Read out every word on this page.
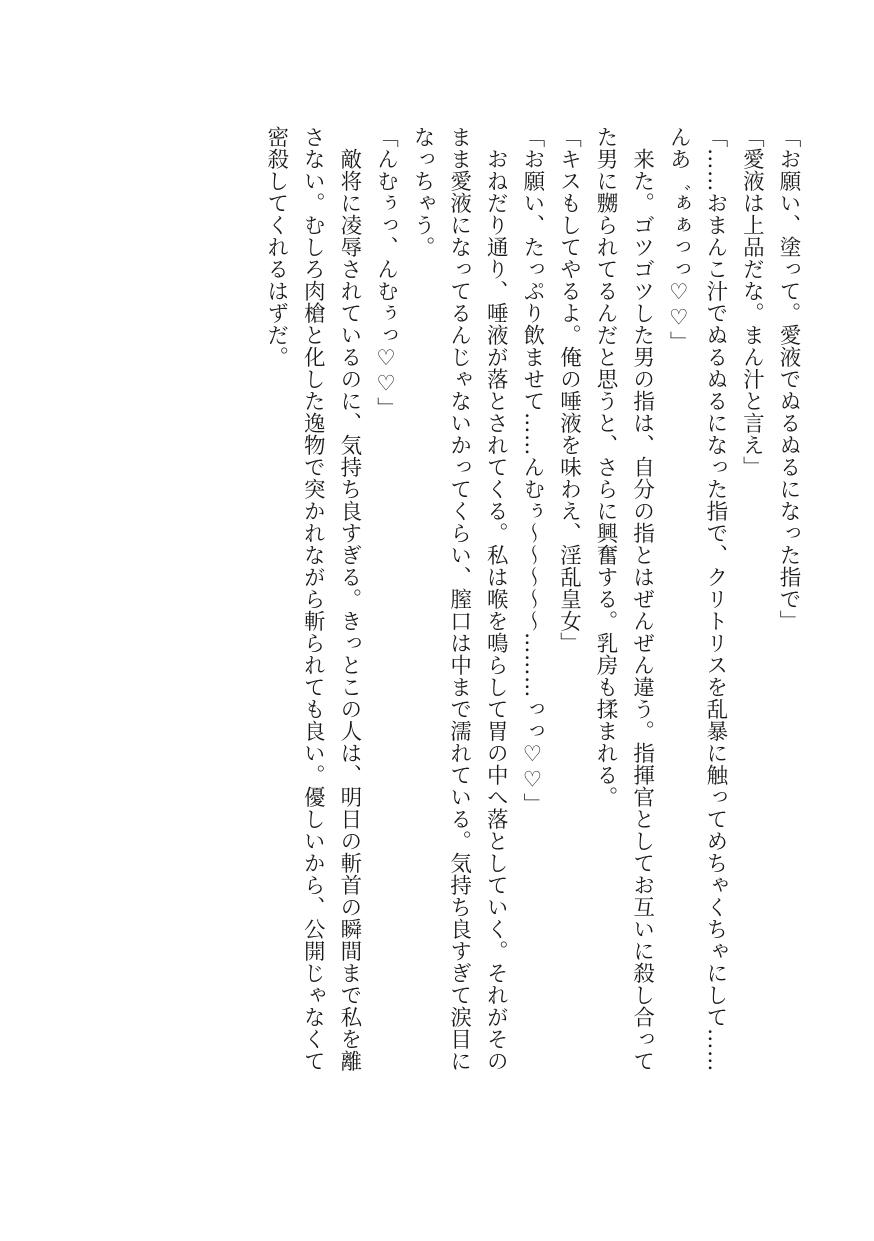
「お願い、塗って。愛液でぬるぬるになった指で」
「愛液は上品だな。まん汁と言え」
「……おまんこ汁でぬるぬるになった指で、クリトリスを乱暴に触ってめちゃくちゃにして……
んあ゛ぁぁっっ♡♡」
　来た。ゴツゴツした男の指は、自分の指とはぜんぜん違う。指揮官としてお互いに殺し合って
た男に嬲られてるんだと思うと、さらに興奮する。乳房も揉まれる。
「キスもしてやるよ。俺の唾液を味わえ、淫乱皇女」
「お願い、たっぷり飲ませて……んむぅ～～～～～………っっ♡♡」
　おねだり通り、唾液が落とされてくる。私は喉を鳴らして胃の中へ落としていく。それがその
まま愛液になってるんじゃないかってくらい、膣口は中まで濡れている。気持ち良すぎて涙目に
なっちゃう。
「んむぅっ、んむぅっ♡♡」
　敵将に凌辱されているのに、気持ち良すぎる。きっとこの人は、明日の斬首の瞬間まで私を離
さない。むしろ肉槍と化した逸物で突かれながら斬られても良い。優しいから、公開じゃなくて
密殺してくれるはずだ。
